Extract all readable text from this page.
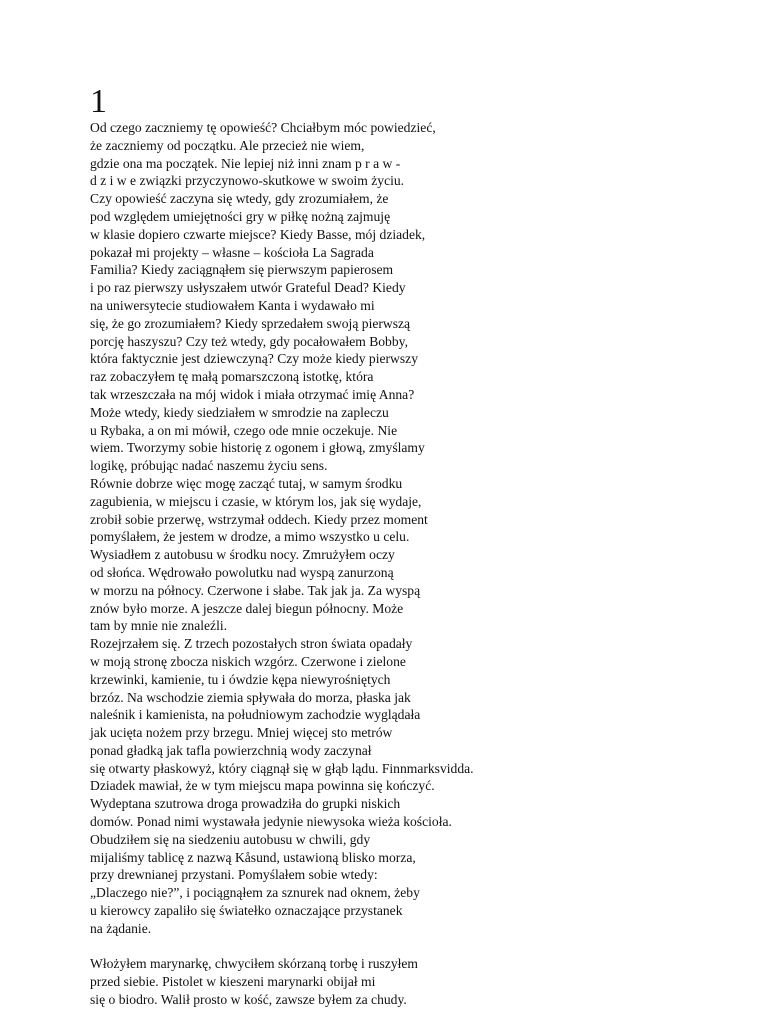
1

Od czego zaczniemy tę opowieść? Chciałbym móc powiedzieć,
że zaczniemy od początku. Ale przecież nie wiem,
gdzie ona ma początek. Nie lepiej niż inni znam p r a w -
d z i w e związki przyczynowo-skutkowe w swoim życiu.
Czy opowieść zaczyna się wtedy, gdy zrozumiałem, że
pod względem umiejętności gry w piłkę nożną zajmuję
w klasie dopiero czwarte miejsce? Kiedy Basse, mój dziadek,
pokazał mi projekty – własne – kościoła La Sagrada
Familia? Kiedy zaciągnąłem się pierwszym papierosem
i po raz pierwszy usłyszałem utwór Grateful Dead? Kiedy
na uniwersytecie studiowałem Kanta i wydawało mi
się, że go zrozumiałem? Kiedy sprzedałem swoją pierwszą
porcję haszyszu? Czy też wtedy, gdy pocałowałem Bobby,
która faktycznie jest dziewczyną? Czy może kiedy pierwszy
raz zobaczyłem tę małą pomarszczoną istotkę, która
tak wrzeszczała na mój widok i miała otrzymać imię Anna?
Może wtedy, kiedy siedziałem w smrodzie na zapleczu
u Rybaka, a on mi mówił, czego ode mnie oczekuje. Nie
wiem. Tworzymy sobie historię z ogonem i głową, zmyślamy
logikę, próbując nadać naszemu życiu sens.
Równie dobrze więc mogę zacząć tutaj, w samym środku
zagubienia, w miejscu i czasie, w którym los, jak się wydaje,
zrobił sobie przerwę, wstrzymał oddech. Kiedy przez moment
pomyślałem, że jestem w drodze, a mimo wszystko u celu.
Wysiadłem z autobusu w środku nocy. Zmrużyłem oczy
od słońca. Wędrowało powolutku nad wyspą zanurzoną
w morzu na północy. Czerwone i słabe. Tak jak ja. Za wyspą
znów było morze. A jeszcze dalej biegun północny. Może
tam by mnie nie znaleźli.
Rozejrzałem się. Z trzech pozostałych stron świata opadały
w moją stronę zbocza niskich wzgórz. Czerwone i zielone
krzewinki, kamienie, tu i ówdzie kępa niewyrośniętych
brzóz. Na wschodzie ziemia spływała do morza, płaska jak
naleśnik i kamienista, na południowym zachodzie wyglądała
jak ucięta nożem przy brzegu. Mniej więcej sto metrów
ponad gładką jak tafla powierzchnią wody zaczynał
się otwarty płaskowyż, który ciągnął się w głąb lądu. Finnmarksvidda.
Dziadek mawiał, że w tym miejscu mapa powinna się kończyć.
Wydeptana szutrowa droga prowadziła do grupki niskich
domów. Ponad nimi wystawała jedynie niewysoka wieża kościoła.
Obudziłem się na siedzeniu autobusu w chwili, gdy
mijaliśmy tablicę z nazwą Kåsund, ustawioną blisko morza,
przy drewnianej przystani. Pomyślałem sobie wtedy:
„Dlaczego nie?”, i pociągnąłem za sznurek nad oknem, żeby
u kierowcy zapaliło się światełko oznaczające przystanek
na żądanie.

Włożyłem marynarkę, chwyciłem skórzaną torbę i ruszyłem
przed siebie. Pistolet w kieszeni marynarki obijał mi
się o biodro. Walił prosto w kość, zawsze byłem za chudy.
